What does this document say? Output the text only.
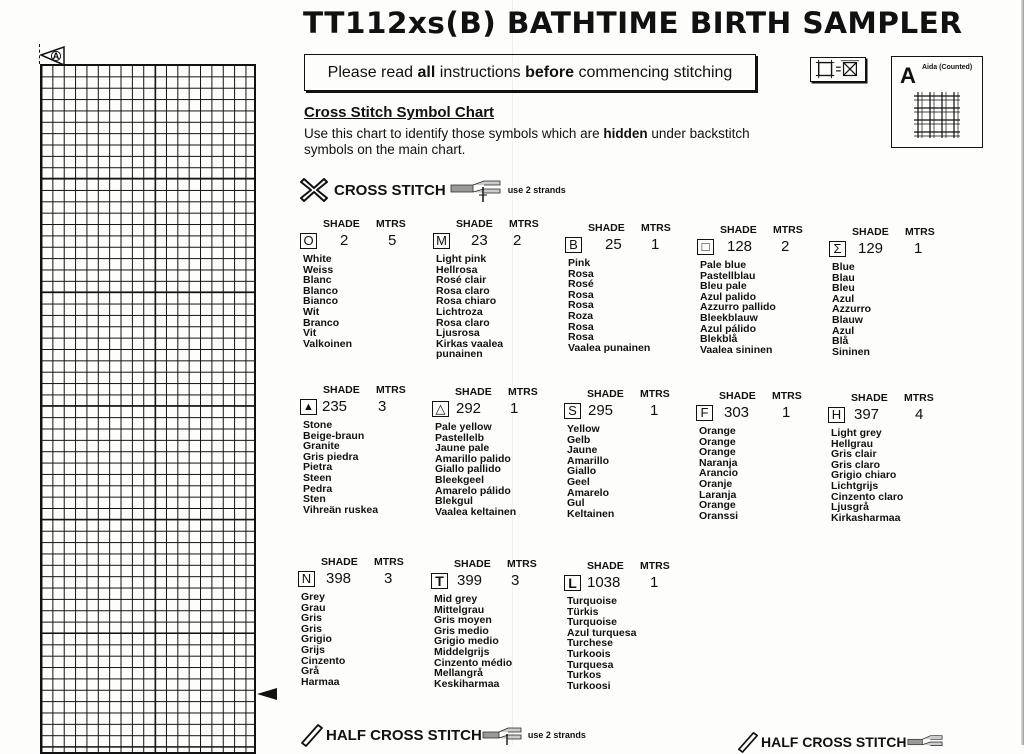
A
TT112xs(B) BATHTIME BIRTH SAMPLER
Please read all instructions before commencing stitching	A Aida (Counted)
Cross Stitch Symbol Chart
Use this chart to identify those symbols which are hidden under backstitch symbols on the main chart.
CROSS STITCH	use 2 strands
SHADE MTRS
O 2	5
White
Weiss
Blanc
Blanco
Bianco
Wit
Branco
Vit
Valkoinen
SHADE MTRS
M 23 2
Light pink
Hellrosa
Rosé clair
Rosa claro
Rosa chiaro
Lichtroza
Rosa claro
Ljusrosa
Kirkas vaalea
punainen
SHADE MTRS
B 25 1
Pink
Rosa
Rosé
Rosa
Rosa
Roza
Rosa
Rosa
Vaalea punainen
SHADE MTRS
□	128 2
Pale blue
Pastellblau
Bleu pale
Azul palido
Azzurro pallido
Bleekblauw
Azul pálido
Blekblå
Vaalea sininen
SHADE MTRS
Ʃ 129 1
Blue
Blau
Bleu
Azul
Azzurro
Blauw
Azul
Blå
Sininen
SHADE MTRS
▲ 235 3
Stone
Beige-braun
Granite
Gris piedra
Pietra
Steen
Pedra
Sten
Vihreän ruskea
SHADE MTRS
△ 292 1
Pale yellow
Pastellelb
Jaune pale
Amarillo palido
Giallo pallido
Bleekgeel
Amarelo pálido
Blekgul
Vaalea keltainen
SHADE MTRS
S 295 1
Yellow
Gelb
Jaune
Amarillo
Giallo
Geel
Amarelo
Gul
Keltainen
SHADE MTRS
F	303 1
Orange
Orange
Orange
Naranja
Arancio
Oranje
Laranja
Orange
Oranssi
SHADE MTRS
H 397 4
Light grey
Hellgrau
Gris clair
Gris claro
Grigio chiaro
Lichtgrijs
Cinzento claro
Ljusgrå
Kirkasharmaa
SHADE MTRS
N 398 3
Grey
Grau
Gris
Gris
Grigio
Grijs
Cinzento
Grå
Harmaa
SHADE MTRS
T 399 3
Mid grey
Mittelgrau
Gris moyen
Gris medio
Grigio medio
Middelgrijs
Cinzento médio
Mellangrå
Keskiharmaa
SHADE MTRS
L 1038 1
Turquoise
Türkis
Turquoise
Azul turquesa
Turchese
Turkoois
Turquesa
Turkos
Turkoosi
HALF CROSS STITCH	use 2 strands	HALF CROSS STITCH
